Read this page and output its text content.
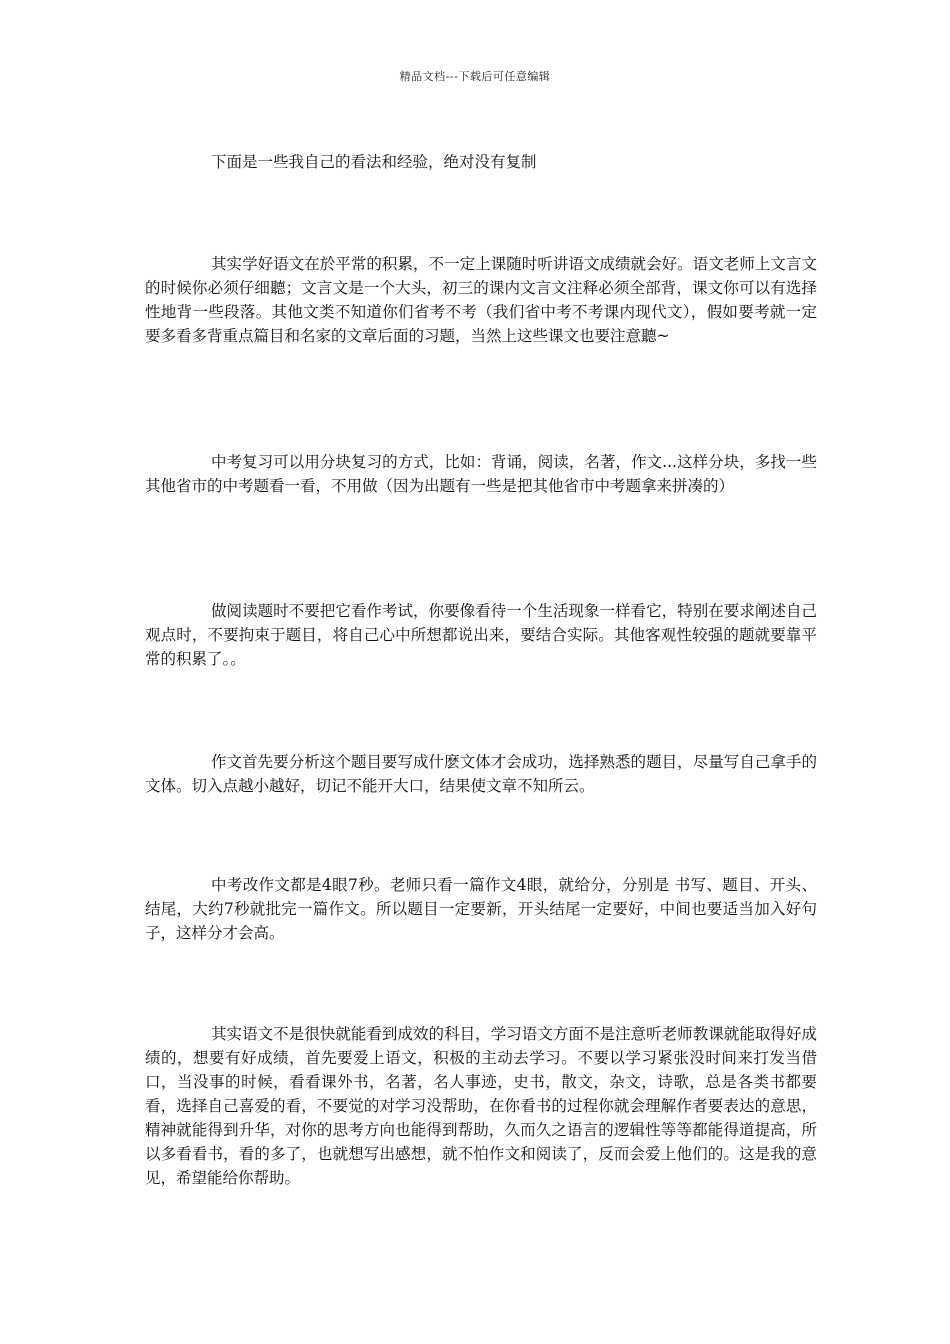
精品文档---下载后可任意编辑

下面是一些我自己的看法和经验，绝对没有复制

其实学好语文在於平常的积累，不一定上课随时听讲语文成绩就会好。语文老师上文言文的时候你必须仔细聽；文言文是一个大头，初三的课内文言文注释必须全部背，课文你可以有选择性地背一些段落。其他文类不知道你们省考不考（我们省中考不考课内现代文），假如要考就一定要多看多背重点篇目和名家的文章后面的习题，当然上这些课文也要注意聽~

中考复习可以用分块复习的方式，比如：背诵，阅读，名著，作文...这样分块，多找一些其他省市的中考题看一看，不用做（因为出题有一些是把其他省市中考题拿来拼凑的）

做阅读题时不要把它看作考试，你要像看待一个生活现象一样看它，特别在要求阐述自己观点时，不要拘束于题目，将自己心中所想都说出来，要结合实际。其他客观性较强的题就要靠平常的积累了。。

作文首先要分析这个题目要写成什麽文体才会成功，选择熟悉的题目，尽量写自己拿手的文体。切入点越小越好，切记不能开大口，结果使文章不知所云。

中考改作文都是4眼7秒。老师只看一篇作文4眼，就给分，分别是 书写、题目、开头、结尾，大约7秒就批完一篇作文。所以题目一定要新，开头结尾一定要好，中间也要适当加入好句子，这样分才会高。

其实语文不是很快就能看到成效的科目，学习语文方面不是注意听老师教课就能取得好成绩的，想要有好成绩，首先要爱上语文，积极的主动去学习。不要以学习紧张没时间来打发当借口，当没事的时候，看看课外书，名著，名人事迹，史书，散文，杂文，诗歌，总是各类书都要看，选择自己喜爱的看，不要觉的对学习没帮助，在你看书的过程你就会理解作者要表达的意思，精神就能得到升华，对你的思考方向也能得到帮助，久而久之语言的逻辑性等等都能得道提高，所以多看看书，看的多了，也就想写出感想，就不怕作文和阅读了，反而会爱上他们的。这是我的意见，希望能给你帮助。
